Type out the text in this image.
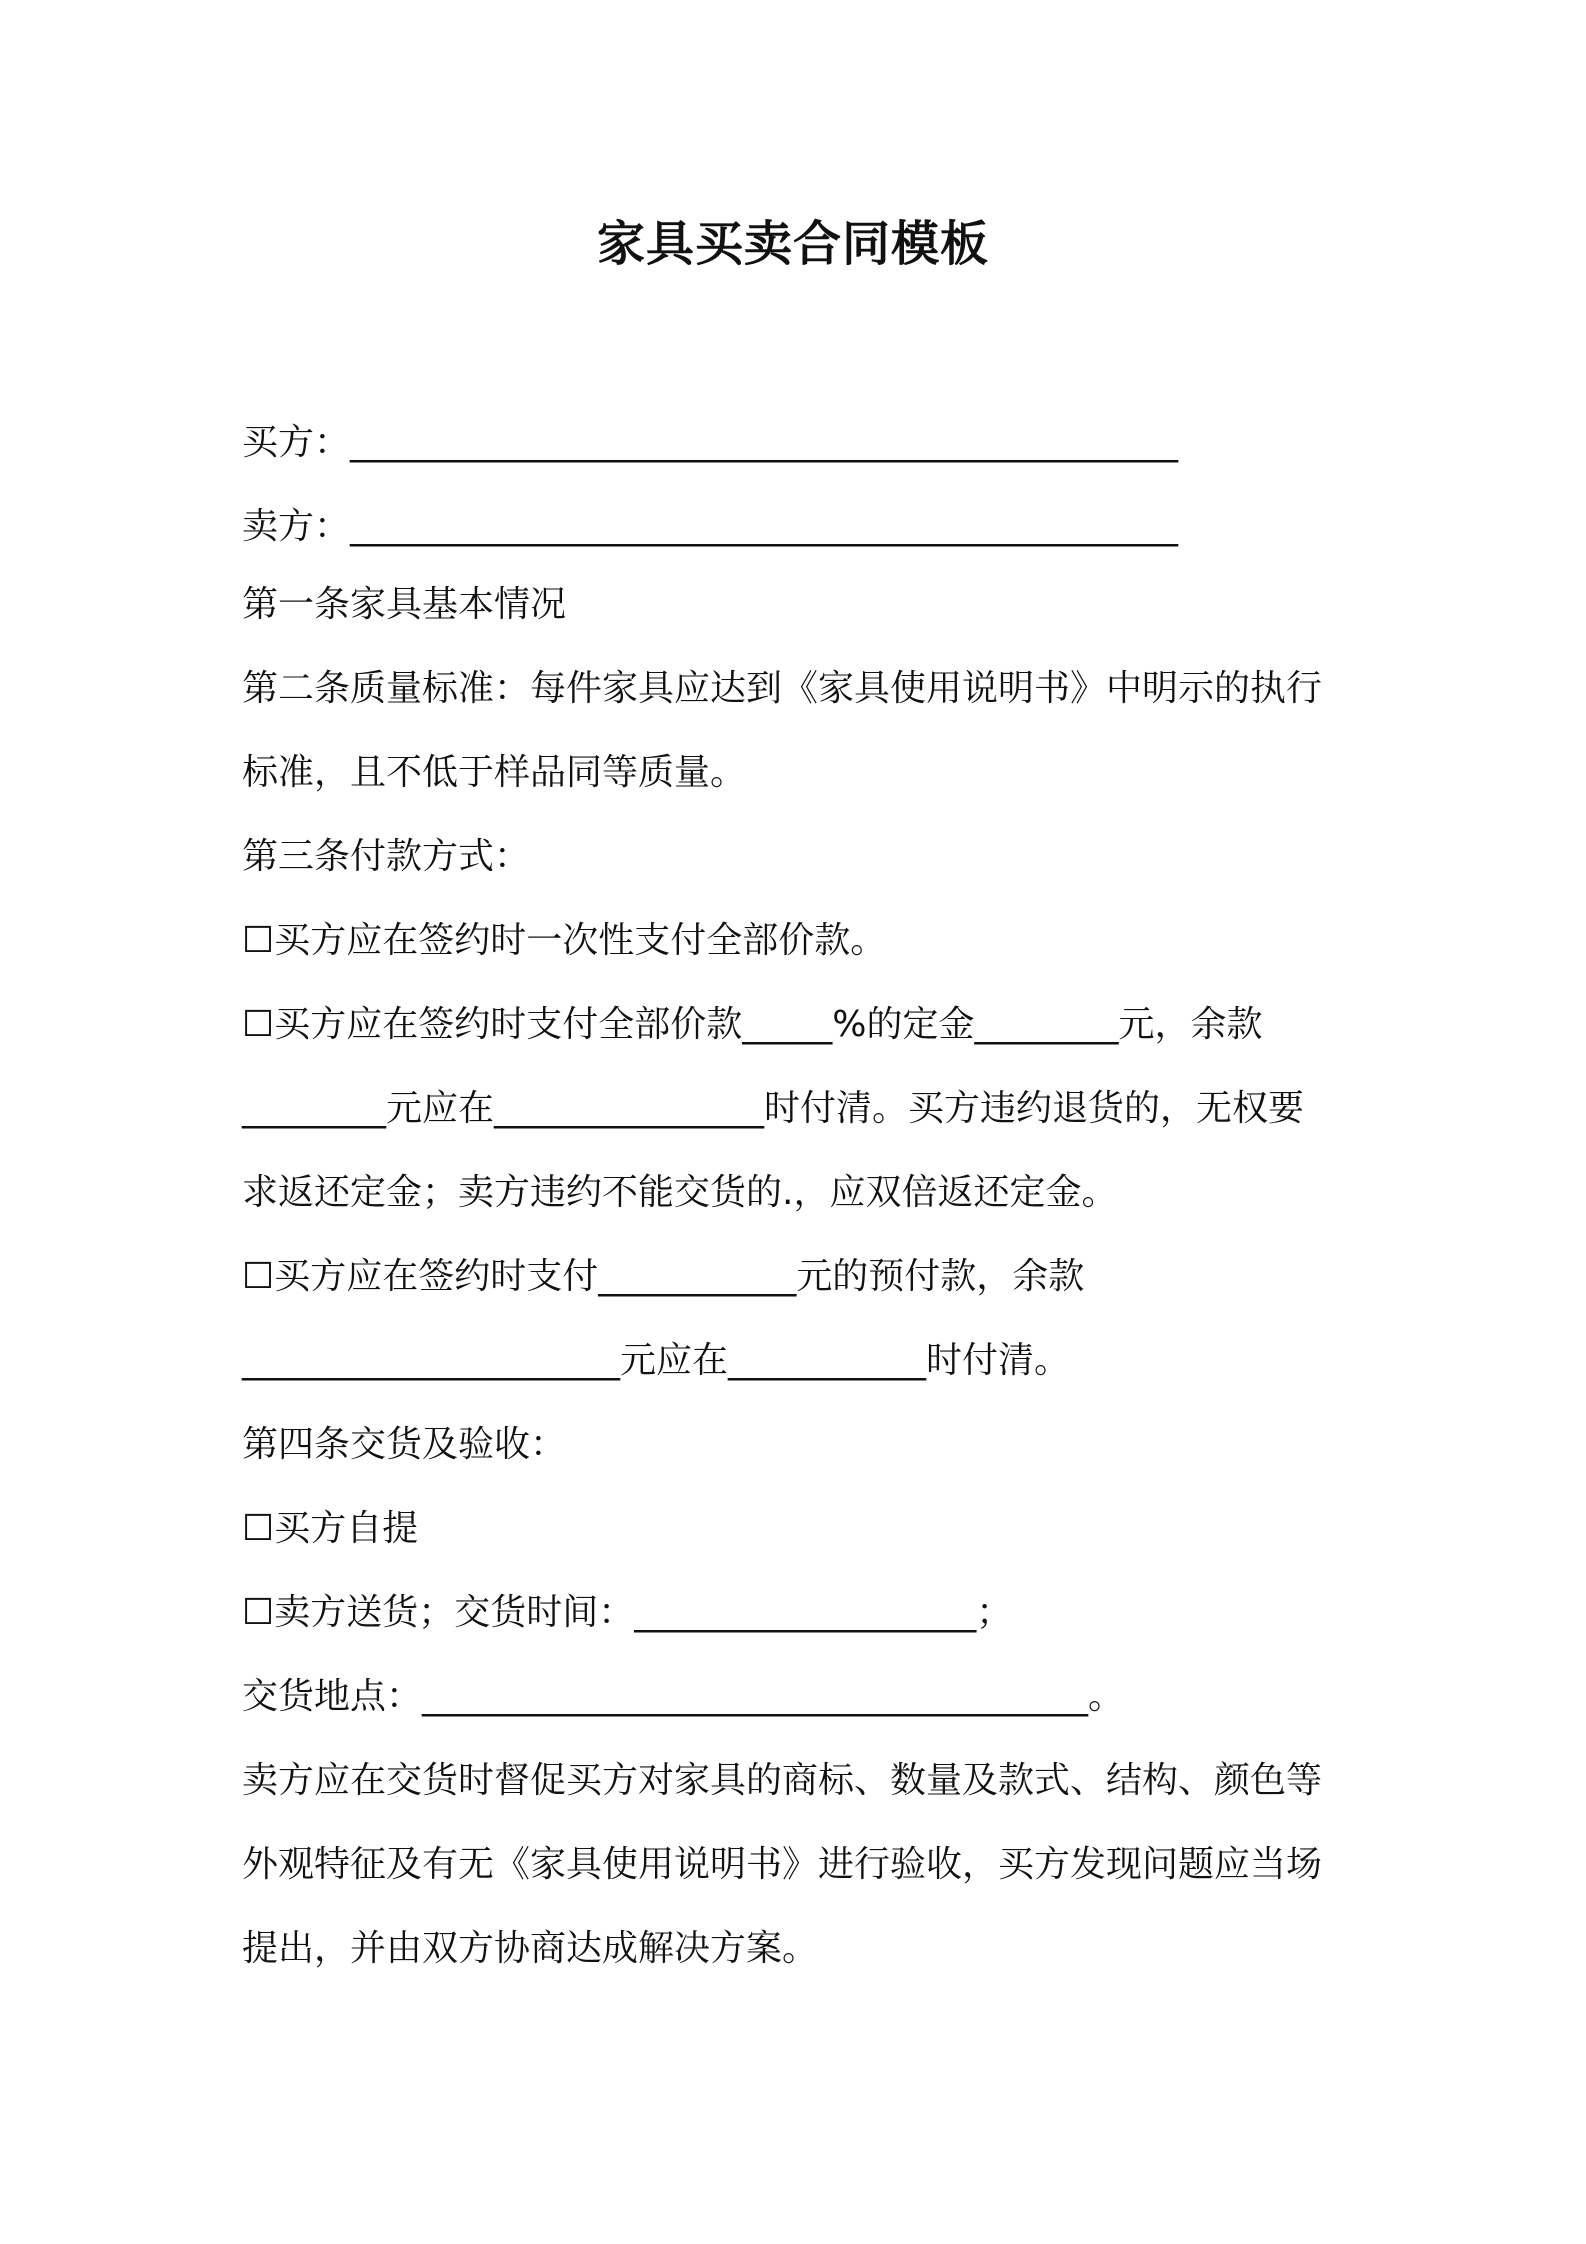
家具买卖合同模板
买方：______________________________________________
卖方：______________________________________________
第一条家具基本情况
第二条质量标准：每件家具应达到《家具使用说明书》中明示的执行
标准，且不低于样品同等质量。
第三条付款方式：
☐买方应在签约时一次性支付全部价款。
☐买方应在签约时支付全部价款_____%的定金________元，余款
________元应在_______________时付清。买方违约退货的，无权要
求返还定金；卖方违约不能交货的.，应双倍返还定金。
☐买方应在签约时支付___________元的预付款，余款
_____________________元应在___________时付清。
第四条交货及验收：
☐买方自提
☐卖方送货；交货时间：___________________；
交货地点：_____________________________________。
卖方应在交货时督促买方对家具的商标、数量及款式、结构、颜色等
外观特征及有无《家具使用说明书》进行验收，买方发现问题应当场
提出，并由双方协商达成解决方案。
